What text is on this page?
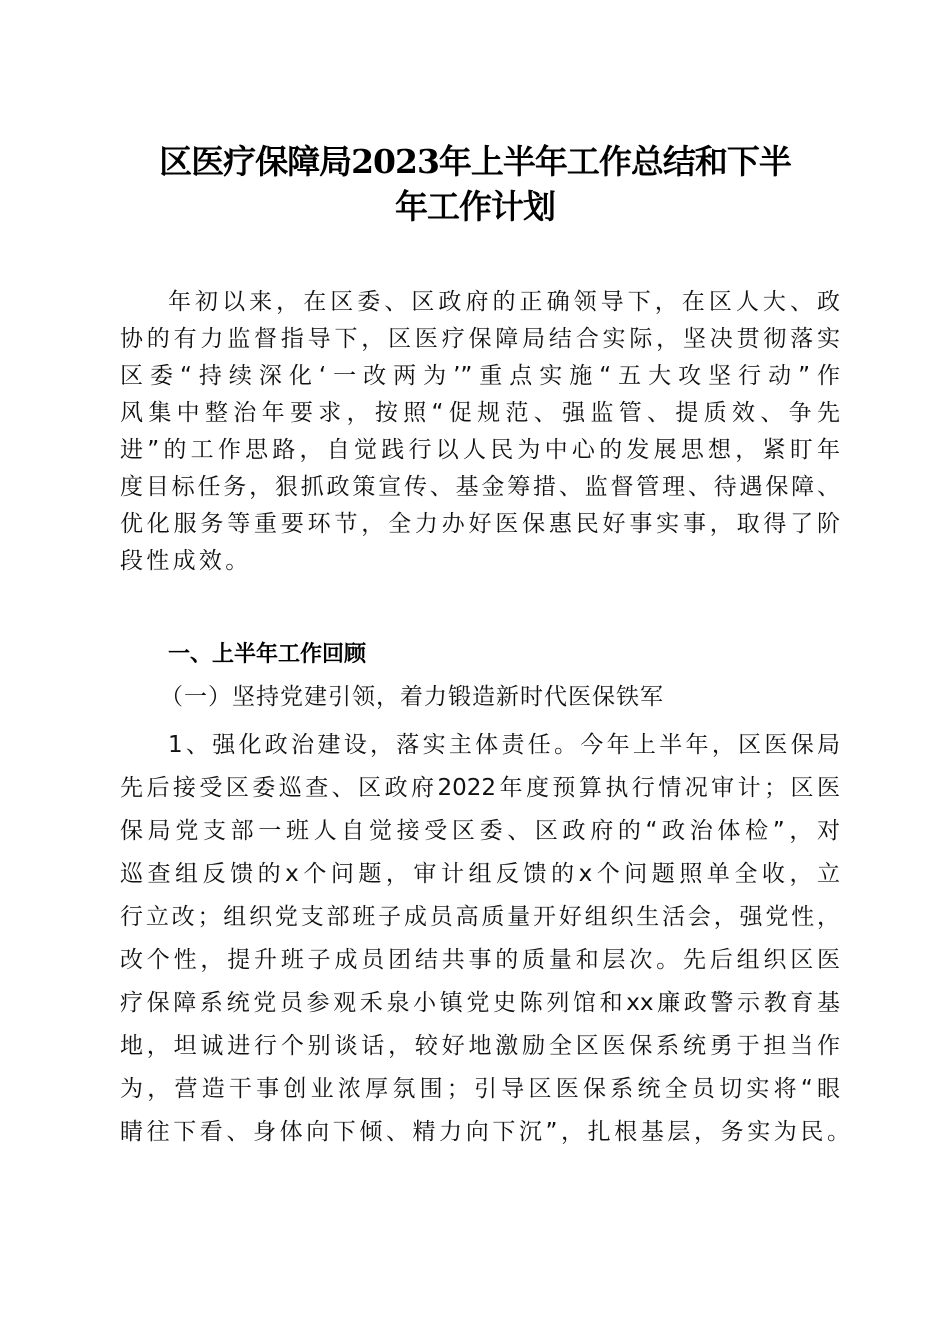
区医疗保障局2023年上半年工作总结和下半
年工作计划
年初以来，在区委、区政府的正确领导下，在区人大、政
协的有力监督指导下，区医疗保障局结合实际，坚决贯彻落实
区委“持续深化‘一改两为’”重点实施“五大攻坚行动”作
风集中整治年要求，按照“促规范、强监管、提质效、争先
进”的工作思路，自觉践行以人民为中心的发展思想，紧盯年
度目标任务，狠抓政策宣传、基金筹措、监督管理、待遇保障、
优化服务等重要环节，全力办好医保惠民好事实事，取得了阶
段性成效。
一、上半年工作回顾
（一）坚持党建引领，着力锻造新时代医保铁军
1、强化政治建设，落实主体责任。今年上半年，区医保局
先后接受区委巡查、区政府2022年度预算执行情况审计；区医
保局党支部一班人自觉接受区委、区政府的“政治体检”，对
巡查组反馈的x个问题，审计组反馈的x个问题照单全收，立
行立改；组织党支部班子成员高质量开好组织生活会，强党性，
改个性，提升班子成员团结共事的质量和层次。先后组织区医
疗保障系统党员参观禾泉小镇党史陈列馆和xx廉政警示教育基
地，坦诚进行个别谈话，较好地激励全区医保系统勇于担当作
为，营造干事创业浓厚氛围；引导区医保系统全员切实将“眼
睛往下看、身体向下倾、精力向下沉”，扎根基层，务实为民。
